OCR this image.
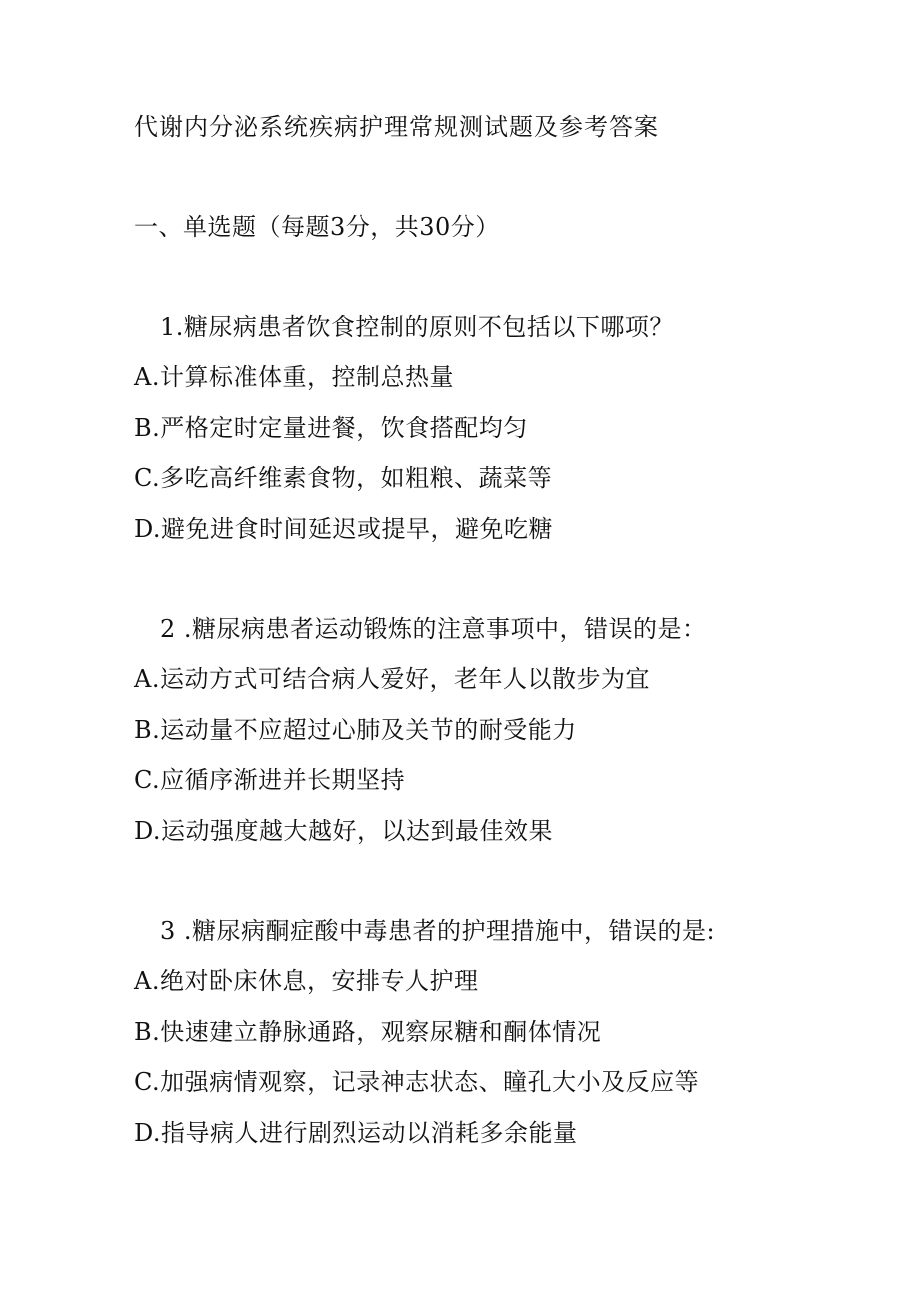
代谢内分泌系统疾病护理常规测试题及参考答案
一、单选题（每题3分，共30分）
1.糖尿病患者饮食控制的原则不包括以下哪项？
A.计算标准体重，控制总热量
B.严格定时定量进餐，饮食搭配均匀
C.多吃高纤维素食物，如粗粮、蔬菜等
D.避免进食时间延迟或提早，避免吃糖
2 .糖尿病患者运动锻炼的注意事项中，错误的是：
A.运动方式可结合病人爱好，老年人以散步为宜
B.运动量不应超过心肺及关节的耐受能力
C.应循序渐进并长期坚持
D.运动强度越大越好，以达到最佳效果
3 .糖尿病酮症酸中毒患者的护理措施中，错误的是:
A.绝对卧床休息，安排专人护理
B.快速建立静脉通路，观察尿糖和酮体情况
C.加强病情观察，记录神志状态、瞳孔大小及反应等
D.指导病人进行剧烈运动以消耗多余能量
